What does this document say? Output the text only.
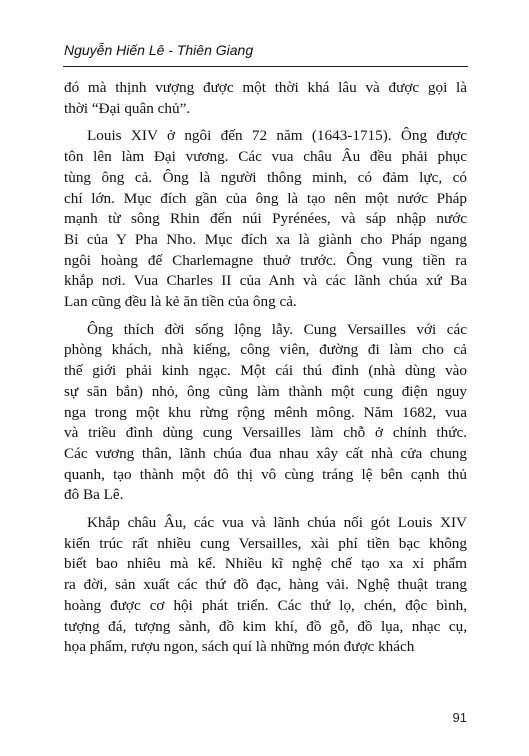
Nguyễn Hiến Lê - Thiên Giang

đó mà thịnh vượng được một thời khá lâu và được gọi là
thời “Đại quân chủ”.

Louis XIV ở ngôi đến 72 năm (1643-1715). Ông được
tôn lên làm Đại vương. Các vua châu Âu đều phải phục
tùng ông cả. Ông là người thông minh, có đảm lực, có
chí lớn. Mục đích gần của ông là tạo nên một nước Pháp
mạnh từ sông Rhin đến núi Pyrénées, và sáp nhập nước
Bỉ của Y Pha Nho. Mục đích xa là giành cho Pháp ngang
ngôi hoàng đế Charlemagne thuở trước. Ông vung tiền ra
khắp nơi. Vua Charles II của Anh và các lãnh chúa xứ Ba
Lan cũng đều là kẻ ăn tiền của ông cả.

Ông thích đời sống lộng lẫy. Cung Versailles với các
phòng khách, nhà kiếng, công viên, đường đi làm cho cả
thế giới phải kinh ngạc. Một cái thú đình (nhà dùng vào
sự săn bắn) nhỏ, ông cũng làm thành một cung điện nguy
nga trong một khu rừng rộng mênh mông. Năm 1682, vua
và triều đình dùng cung Versailles làm chỗ ở chính thức.
Các vương thân, lãnh chúa đua nhau xây cất nhà cửa chung
quanh, tạo thành một đô thị vô cùng tráng lệ bên cạnh thủ
đô Ba Lê.

Khắp châu Âu, các vua và lãnh chúa nối gót Louis XIV
kiến trúc rất nhiều cung Versailles, xài phí tiền bạc không
biết bao nhiêu mà kể. Nhiều kĩ nghệ chế tạo xa xỉ phẩm
ra đời, sản xuất các thứ đồ đạc, hàng vải. Nghệ thuật trang
hoàng được cơ hội phát triển. Các thứ lọ, chén, độc bình,
tượng đá, tượng sành, đồ kim khí, đồ gỗ, đồ lụa, nhạc cụ,
họa phẩm, rượu ngon, sách quí là những món được khách

91
